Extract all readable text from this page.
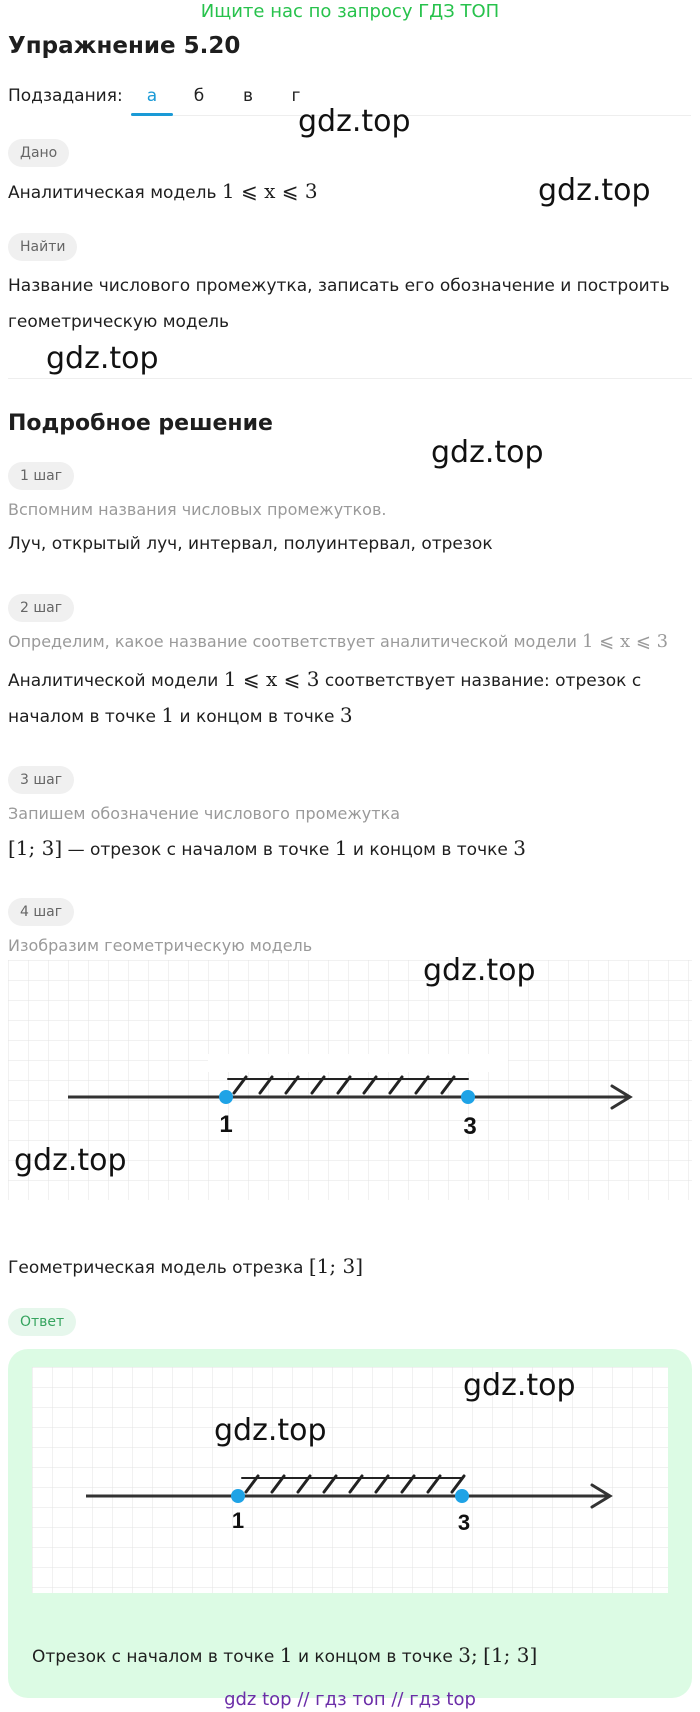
Ищите нас по запросу ГДЗ ТОП
Упражнение 5.20
Подзадания:	а	б	в	г
gdz.top
gdz.top
gdz.top
gdz.top
Дано
Аналитическая модель 1 ⩽ x ⩽ 3
Найти
Название числового промежутка, записать его обозначение и построить
геометрическую модель
Подробное решение
1 шаг
Вспомним названия числовых промежутков.
Луч, открытый луч, интервал, полуинтервал, отрезок
2 шаг
Определим, какое название соответствует аналитической модели 1 ⩽ x ⩽ 3
Аналитической модели 1 ⩽ x ⩽ 3 соответствует название: отрезок с
началом в точке 1 и концом в точке 3
3 шаг
Запишем обозначение числового промежутка
[1; 3] — отрезок с началом в точке 1 и концом в точке 3
4 шаг
Изобразим геометрическую модель
1	3
gdz.top
gdz.top
Геометрическая модель отрезка [1; 3]
Ответ
1	3
gdz.top
gdz.top
Отрезок с началом в точке 1 и концом в точке 3; [1; 3]
gdz top // гдз топ // гдз top
